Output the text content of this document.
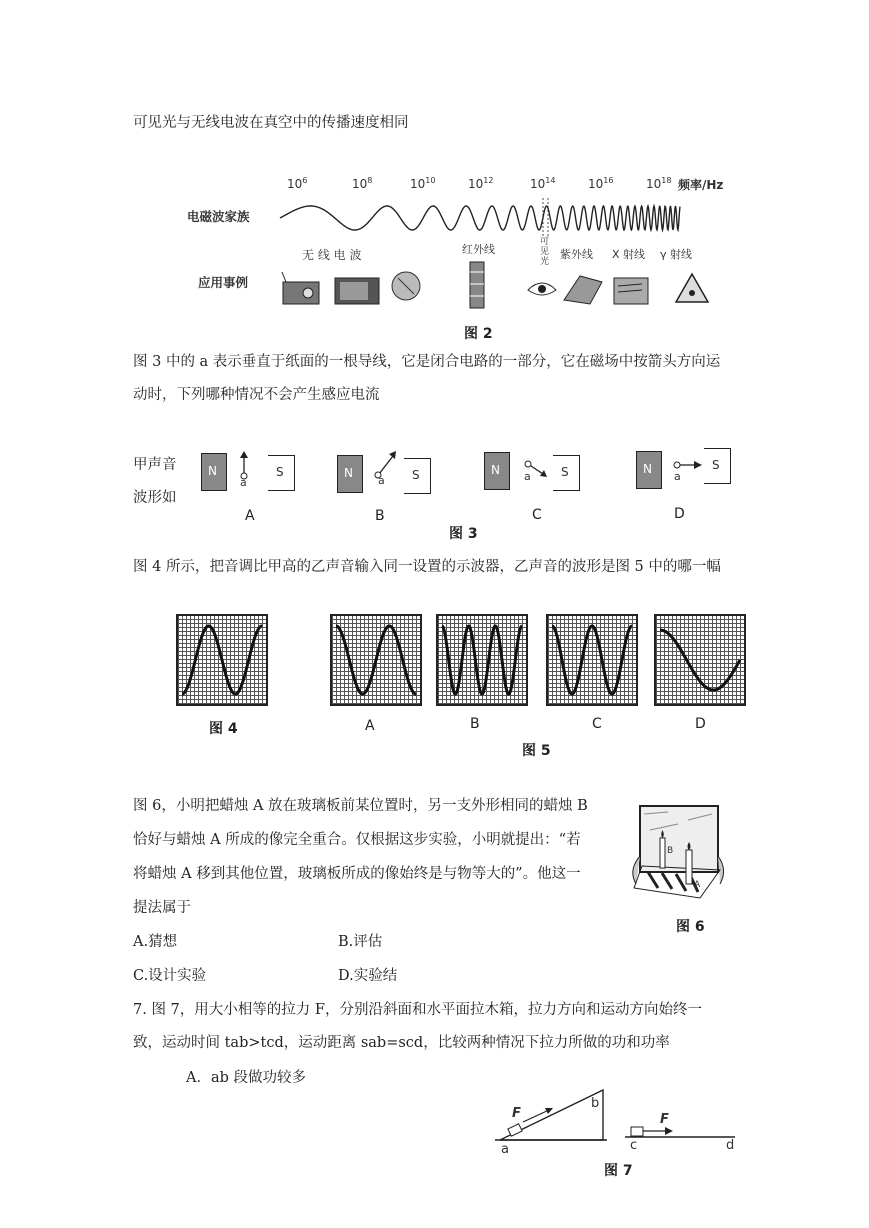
可见光与无线电波在真空中的传播速度相同
$10^6$	$10^8$	$10^{10}$	$10^{12}$	$10^{14}$	$10^{16}$	$10^{18}$ 频率/Hz
电磁波家族
无 线 电 波	红外线
可见光
紫外线 X 射线 γ 射线
应用事例
图 2
图 3 中的 a 表示垂直于纸面的一根导线，它是闭合电路的一部分，它在磁场中按箭头方向运
动时，下列哪种情况不会产生感应电流
甲声音
波形如
N
a
S
A
N
a S
B
N a	S
C
N
a
S
D
图 3
图 4 所示，把音调比甲高的乙声音输入同一设置的示波器，乙声音的波形是图 5 中的哪一幅
图 4	A	B	C	D
图 5
图 6，小明把蜡烛 A 放在玻璃板前某位置时，另一支外形相同的蜡烛 B
恰好与蜡烛 A 所成的像完全重合。仅根据这步实验，小明就提出：“若
将蜡烛 A 移到其他位置，玻璃板所成的像始终是与物等大的”。他这一
提法属于
A.猜想	B.评估
C.设计实验	D.实验结
B
A
图 6
7. 图 7，用大小相等的拉力 F，分别沿斜面和水平面拉木箱，拉力方向和运动方向始终一
致，运动时间 tab>tcd，运动距离 sab=scd，比较两种情况下拉力所做的功和功率
A．ab 段做功较多
F	F
b
a	c	d
图 7
